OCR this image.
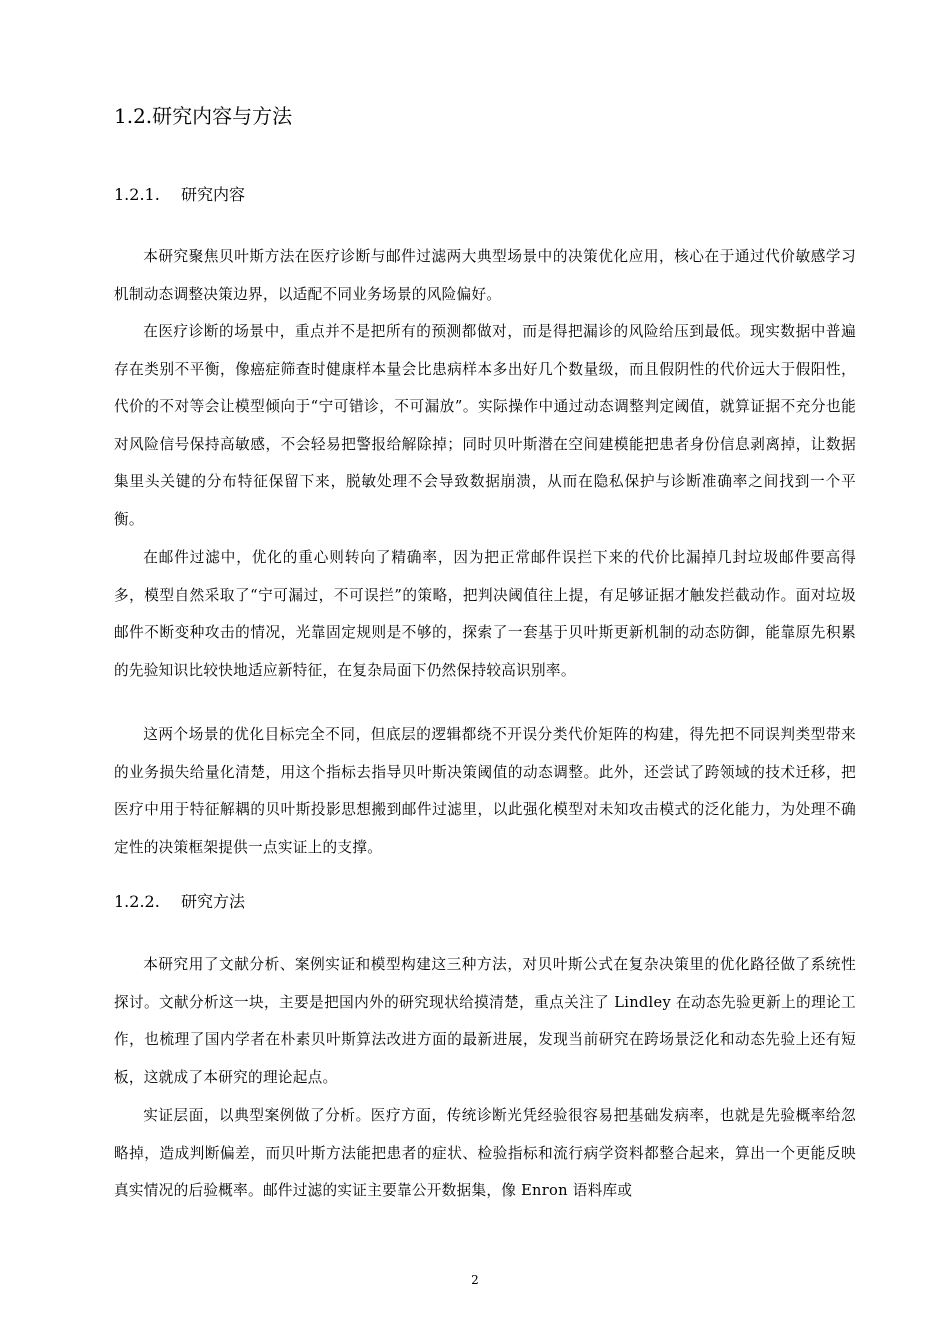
1.2.研究内容与方法
1.2.1. 研究内容

本研究聚焦贝叶斯方法在医疗诊断与邮件过滤两大典型场景中的决策优化应用，核心在于通过代价敏感学习机制动态调整决策边界，以适配不同业务场景的风险偏好。

在医疗诊断的场景中，重点并不是把所有的预测都做对，而是得把漏诊的风险给压到最低。现实数据中普遍存在类别不平衡，像癌症筛查时健康样本量会比患病样本多出好几个数量级，而且假阴性的代价远大于假阳性，代价的不对等会让模型倾向于“宁可错诊，不可漏放”。实际操作中通过动态调整判定阈值，就算证据不充分也能对风险信号保持高敏感，不会轻易把警报给解除掉；同时贝叶斯潜在空间建模能把患者身份信息剥离掉，让数据集里头关键的分布特征保留下来，脱敏处理不会导致数据崩溃，从而在隐私保护与诊断准确率之间找到一个平衡。

在邮件过滤中，优化的重心则转向了精确率，因为把正常邮件误拦下来的代价比漏掉几封垃圾邮件要高得多，模型自然采取了“宁可漏过，不可误拦”的策略，把判决阈值往上提，有足够证据才触发拦截动作。面对垃圾邮件不断变种攻击的情况，光靠固定规则是不够的，探索了一套基于贝叶斯更新机制的动态防御，能靠原先积累的先验知识比较快地适应新特征，在复杂局面下仍然保持较高识别率。

这两个场景的优化目标完全不同，但底层的逻辑都绕不开误分类代价矩阵的构建，得先把不同误判类型带来的业务损失给量化清楚，用这个指标去指导贝叶斯决策阈值的动态调整。此外，还尝试了跨领域的技术迁移，把医疗中用于特征解耦的贝叶斯投影思想搬到邮件过滤里，以此强化模型对未知攻击模式的泛化能力，为处理不确定性的决策框架提供一点实证上的支撑。

1.2.2. 研究方法

本研究用了文献分析、案例实证和模型构建这三种方法，对贝叶斯公式在复杂决策里的优化路径做了系统性探讨。文献分析这一块，主要是把国内外的研究现状给摸清楚，重点关注了 Lindley 在动态先验更新上的理论工作，也梳理了国内学者在朴素贝叶斯算法改进方面的最新进展，发现当前研究在跨场景泛化和动态先验上还有短板，这就成了本研究的理论起点。

实证层面，以典型案例做了分析。医疗方面，传统诊断光凭经验很容易把基础发病率，也就是先验概率给忽略掉，造成判断偏差，而贝叶斯方法能把患者的症状、检验指标和流行病学资料都整合起来，算出一个更能反映真实情况的后验概率。邮件过滤的实证主要靠公开数据集，像 Enron 语料库或

2
